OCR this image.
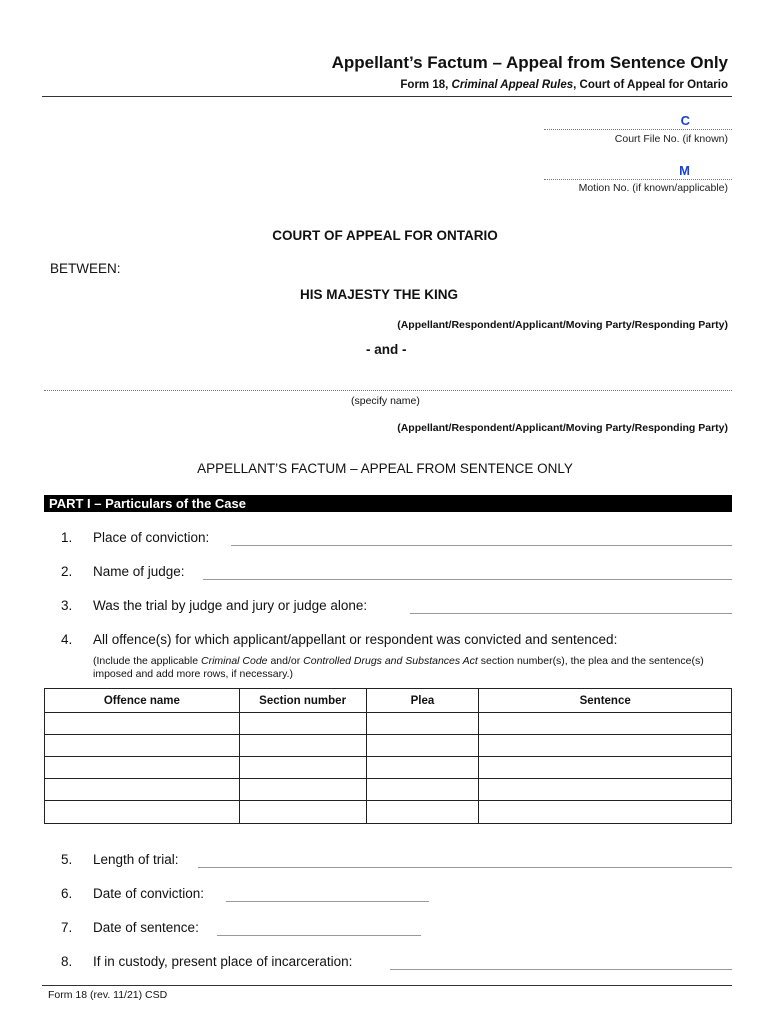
Appellant’s Factum – Appeal from Sentence Only
Form 18, Criminal Appeal Rules, Court of Appeal for Ontario
C
Court File No. (if known)
M
Motion No. (if known/applicable)
COURT OF APPEAL FOR ONTARIO
BETWEEN:
HIS MAJESTY THE KING
(Appellant/Respondent/Applicant/Moving Party/Responding Party)
- and -
(specify name)
(Appellant/Respondent/Applicant/Moving Party/Responding Party)
APPELLANT’S FACTUM – APPEAL FROM SENTENCE ONLY
PART I – Particulars of the Case
1. Place of conviction:
2. Name of judge:
3. Was the trial by judge and jury or judge alone:
4. All offence(s) for which applicant/appellant or respondent was convicted and sentenced:
(Include the applicable Criminal Code and/or Controlled Drugs and Substances Act section number(s), the plea and the sentence(s) imposed and add more rows, if necessary.)
Offence name	Section number	Plea	Sentence

5. Length of trial:
6. Date of conviction:
7. Date of sentence:
8. If in custody, present place of incarceration:
Form 18 (rev. 11/21) CSD
